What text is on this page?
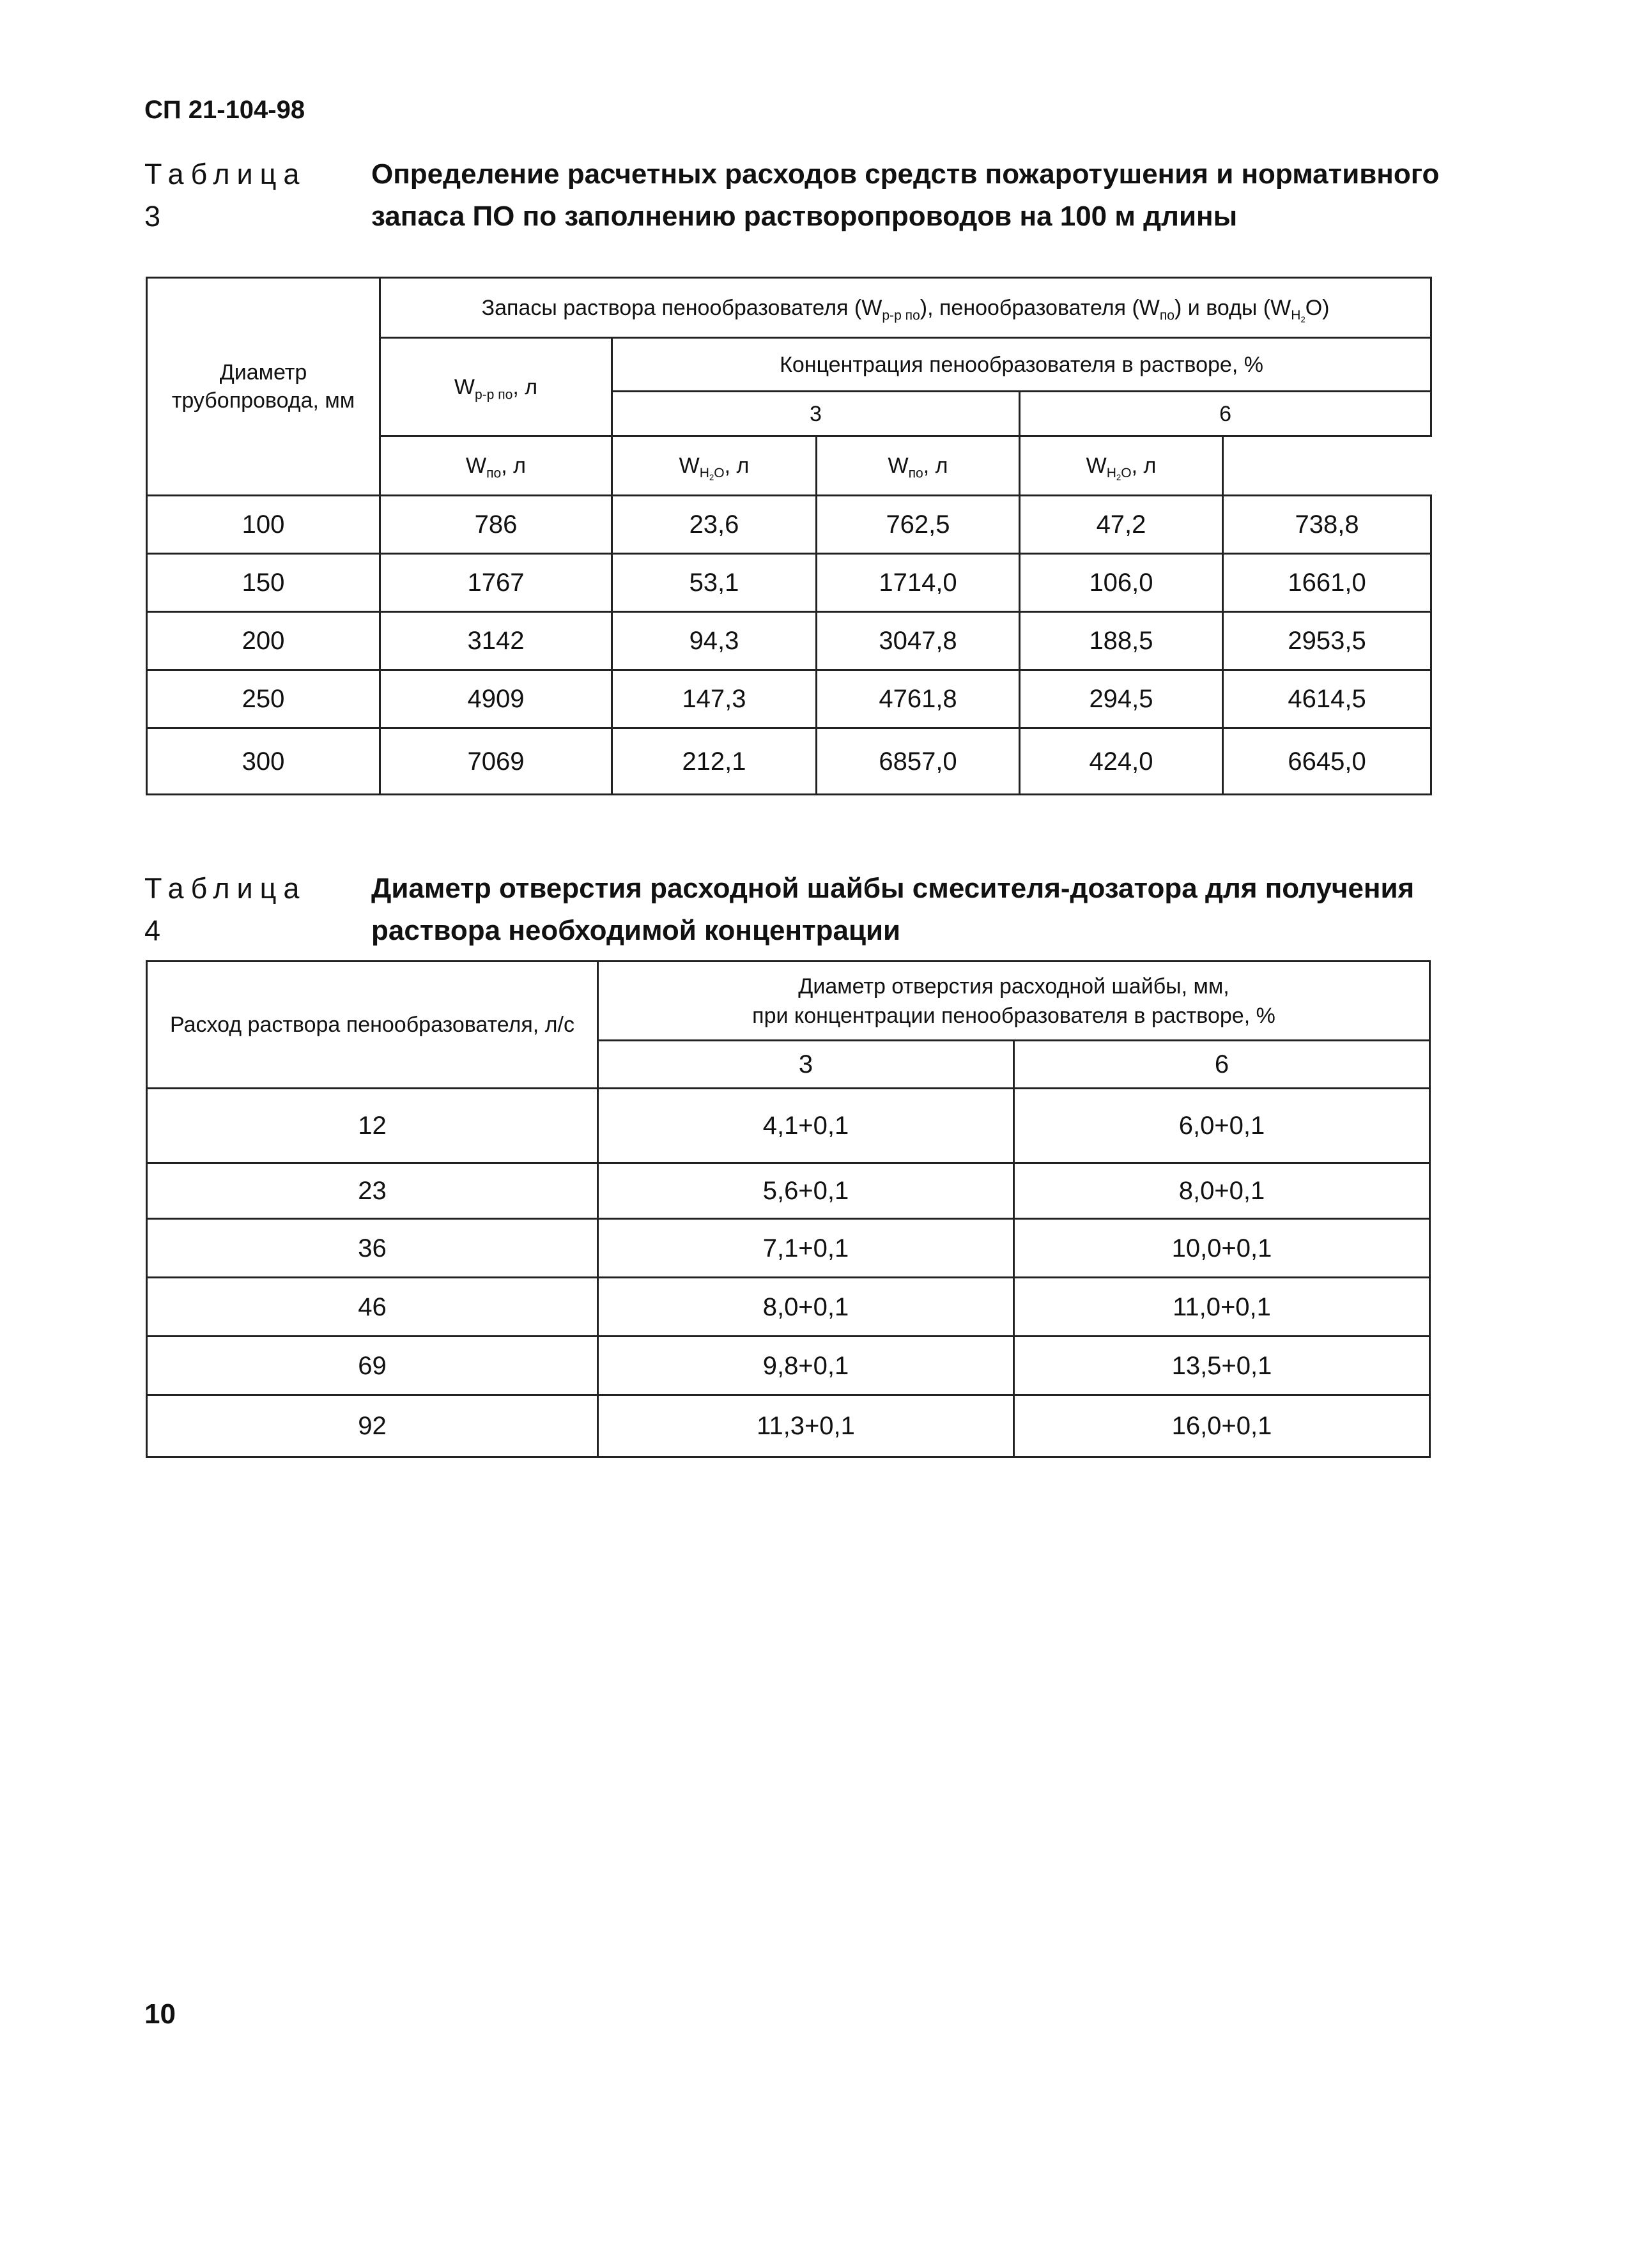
СП 21-104-98
Таблица 3
Определение расчетных расходов средств пожаротушения и нормативного запаса ПО по заполнению растворопроводов на 100 м длины
Диаметр трубопровода, мм	Запасы раствора пенообразователя $(W_{р-р по})$, пенообразователя $(W_{по})$ и воды $(W_{H_2}O)$				
	$W_{р-р по}$, л	Концентрация пенообразователя в растворе, %			
		3		6	
	$W_{по}$, л	$W_{H_2O}$, л	$W_{по}$, л	$W_{H_2O}$, л	
100	786	23,6	762,5	47,2	738,8
150	1767	53,1	1714,0	106,0	1661,0
200	3142	94,3	3047,8	188,5	2953,5
250	4909	147,3	4761,8	294,5	4614,5
300	7069	212,1	6857,0	424,0	6645,0
Таблица 4
Диаметр отверстия расходной шайбы смесителя-дозатора для получения раствора необходимой концентрации
Расход раствора пенообразователя, л/с	Диаметр отверстия расходной шайбы, мм,
при концентрации пенообразователя в растворе, %	
	3	6
12	4,1+0,1	6,0+0,1
23	5,6+0,1	8,0+0,1
36	7,1+0,1	10,0+0,1
46	8,0+0,1	11,0+0,1
69	9,8+0,1	13,5+0,1
92	11,3+0,1	16,0+0,1
10
